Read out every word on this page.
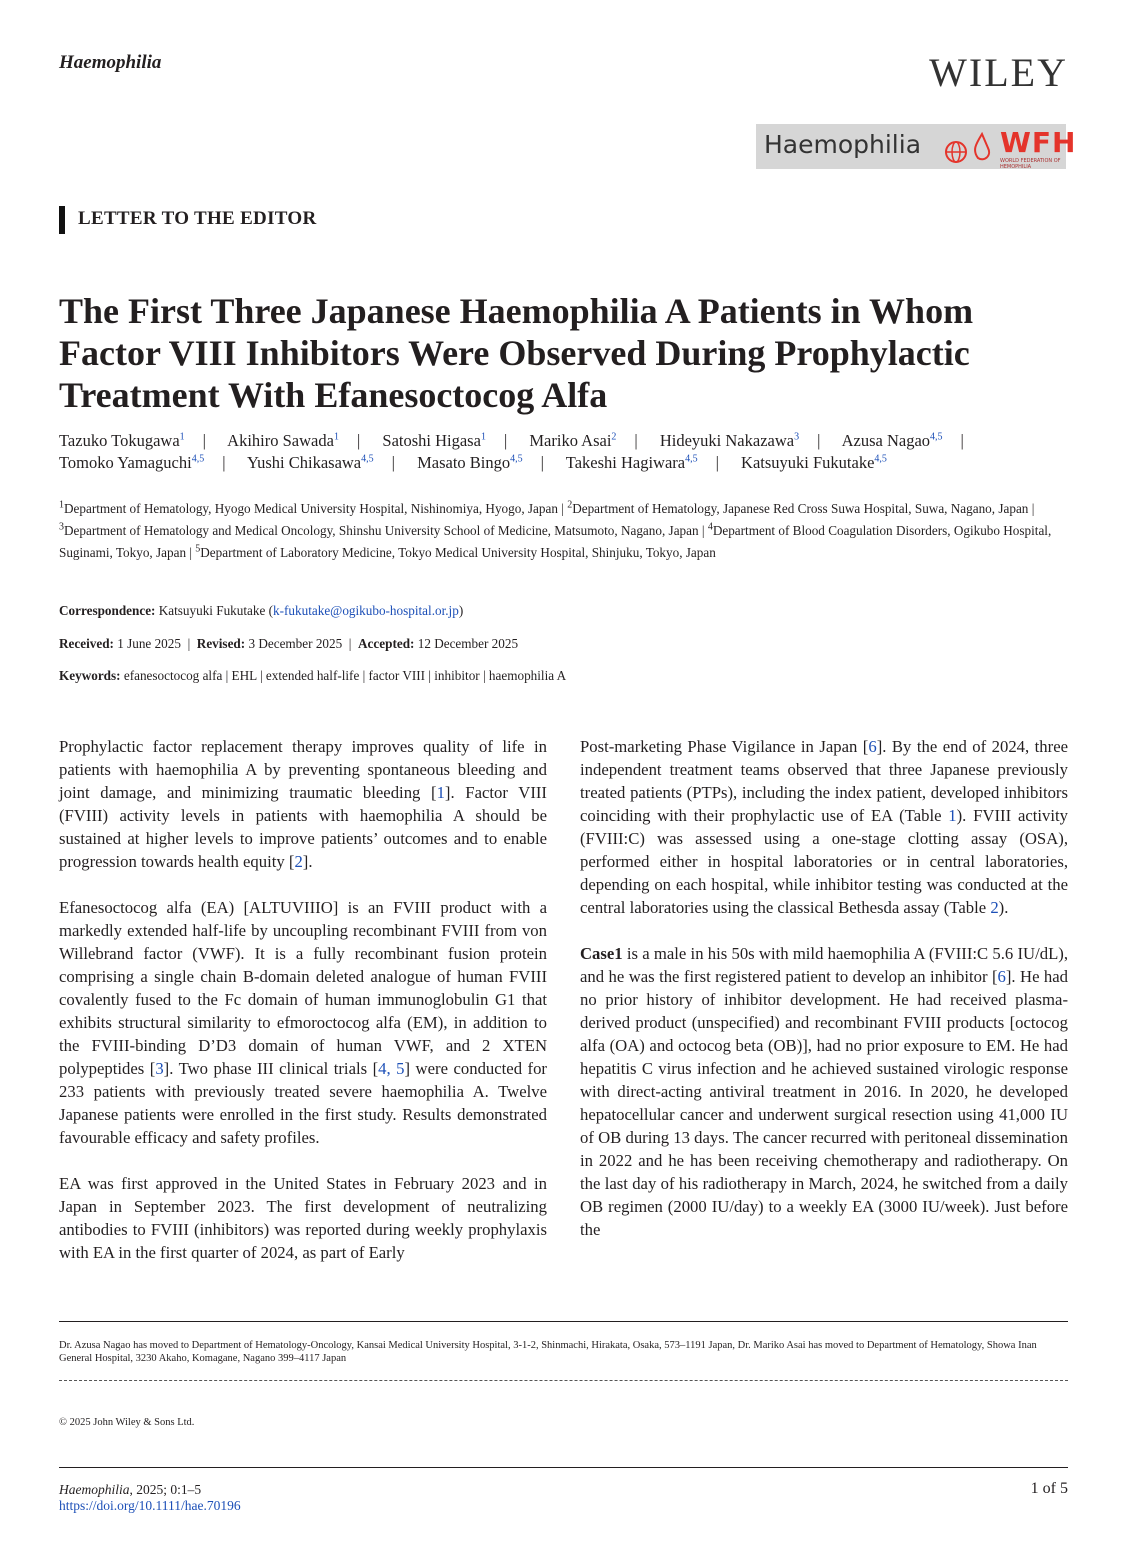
Haemophilia	WILEY
Haemophilia	WFH
WORLD FEDERATION OF HEMOPHILIA
LETTER TO THE EDITOR
The First Three Japanese Haemophilia A Patients in Whom Factor VIII Inhibitors Were Observed During Prophylactic Treatment With Efanesoctocog Alfa
Tazuko Tokugawa$^1$ | Akihiro Sawada$^1$ | Satoshi Higasa$^1$ | Mariko Asai$^2$ | Hideyuki Nakazawa$^3$ | Azusa Nagao$^{4,5}$ |
Tomoko Yamaguchi$^{4,5}$ | Yushi Chikasawa$^{4,5}$ | Masato Bingo$^{4,5}$ | Takeshi Hagiwara$^{4,5}$ | Katsuyuki Fukutake$^{4,5}$
$^1$Department of Hematology, Hyogo Medical University Hospital, Nishinomiya, Hyogo, Japan | $^2$Department of Hematology, Japanese Red Cross Suwa Hospital, Suwa, Nagano, Japan | $^3$Department of Hematology and Medical Oncology, Shinshu University School of Medicine, Matsumoto, Nagano, Japan | $^4$Department of Blood Coagulation Disorders, Ogikubo Hospital, Suginami, Tokyo, Japan | $^5$Department of Laboratory Medicine, Tokyo Medical University Hospital, Shinjuku, Tokyo, Japan
Correspondence: Katsuyuki Fukutake (k-fukutake@ogikubo-hospital.or.jp)
Received: 1 June 2025  |  Revised: 3 December 2025  |  Accepted: 12 December 2025
Keywords: efanesoctocog alfa | EHL | extended half-life | factor VIII | inhibitor | haemophilia A

Prophylactic factor replacement therapy improves quality of life in patients with haemophilia A by preventing spontaneous bleeding and joint damage, and minimizing traumatic bleeding [1]. Factor VIII (FVIII) activity levels in patients with haemophilia A should be sustained at higher levels to improve patients’ outcomes and to enable progression towards health equity [2].

Efanesoctocog alfa (EA) [ALTUVIIIO] is an FVIII product with a markedly extended half-life by uncoupling recombinant FVIII from von Willebrand factor (VWF). It is a fully recombinant fusion protein comprising a single chain B-domain deleted analogue of human FVIII covalently fused to the Fc domain of human immunoglobulin G1 that exhibits structural similarity to efmoroctocog alfa (EM), in addition to the FVIII-binding D’D3 domain of human VWF, and 2 XTEN polypeptides [3]. Two phase III clinical trials [4, 5] were conducted for 233 patients with previously treated severe haemophilia A. Twelve Japanese patients were enrolled in the first study. Results demonstrated favourable efficacy and safety profiles.

EA was first approved in the United States in February 2023 and in Japan in September 2023. The first development of neutralizing antibodies to FVIII (inhibitors) was reported during weekly prophylaxis with EA in the first quarter of 2024, as part of Early

Post-marketing Phase Vigilance in Japan [6]. By the end of 2024, three independent treatment teams observed that three Japanese previously treated patients (PTPs), including the index patient, developed inhibitors coinciding with their prophylactic use of EA (Table 1). FVIII activity (FVIII:C) was assessed using a one-stage clotting assay (OSA), performed either in hospital laboratories or in central laboratories, depending on each hospital, while inhibitor testing was conducted at the central laboratories using the classical Bethesda assay (Table 2).

Case1 is a male in his 50s with mild haemophilia A (FVIII:C 5.6 IU/dL), and he was the first registered patient to develop an inhibitor [6]. He had no prior history of inhibitor development. He had received plasma-derived product (unspecified) and recombinant FVIII products [octocog alfa (OA) and octocog beta (OB)], had no prior exposure to EM. He had hepatitis C virus infection and he achieved sustained virologic response with direct-acting antiviral treatment in 2016. In 2020, he developed hepatocellular cancer and underwent surgical resection using 41,000 IU of OB during 13 days. The cancer recurred with peritoneal dissemination in 2022 and he has been receiving chemotherapy and radiotherapy. On the last day of his radiotherapy in March, 2024, he switched from a daily OB regimen (2000 IU/day) to a weekly EA (3000 IU/week). Just before the

Dr. Azusa Nagao has moved to Department of Hematology-Oncology, Kansai Medical University Hospital, 3-1-2, Shinmachi, Hirakata, Osaka, 573–1191 Japan, Dr. Mariko Asai has moved to Department of Hematology, Showa Inan General Hospital, 3230 Akaho, Komagane, Nagano 399–4117 Japan
© 2025 John Wiley & Sons Ltd.
Haemophilia, 2025; 0:1–5
https://doi.org/10.1111/hae.70196
1 of 5
